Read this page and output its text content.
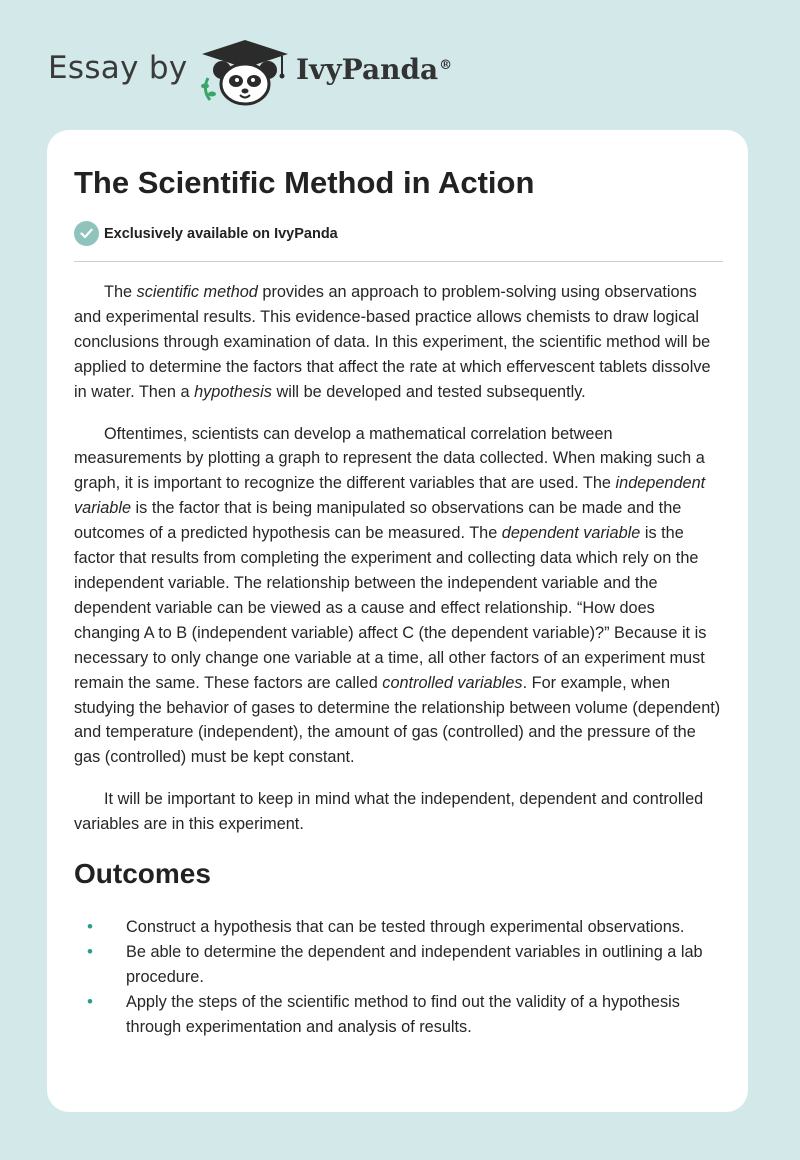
Essay by	IvyPanda®
The Scientific Method in Action
Exclusively available on IvyPanda

The scientific method provides an approach to problem-solving using observations and experimental results. This evidence-based practice allows chemists to draw logical conclusions through examination of data. In this experiment, the scientific method will be applied to determine the factors that affect the rate at which effervescent tablets dissolve in water. Then a hypothesis will be developed and tested subsequently.

Oftentimes, scientists can develop a mathematical correlation between measurements by plotting a graph to represent the data collected. When making such a graph, it is important to recognize the different variables that are used. The independent variable is the factor that is being manipulated so observations can be made and the outcomes of a predicted hypothesis can be measured. The dependent variable is the factor that results from completing the experiment and collecting data which rely on the independent variable. The relationship between the independent variable and the dependent variable can be viewed as a cause and effect relationship. “How does changing A to B (independent variable) affect C (the dependent variable)?” Because it is necessary to only change one variable at a time, all other factors of an experiment must remain the same. These factors are called controlled variables. For example, when studying the behavior of gases to determine the relationship between volume (dependent) and temperature (independent), the amount of gas (controlled) and the pressure of the gas (controlled) must be kept constant.

It will be important to keep in mind what the independent, dependent and controlled variables are in this experiment.

Outcomes
• Construct a hypothesis that can be tested through experimental observations.
• Be able to determine the dependent and independent variables in outlining a lab procedure.
• Apply the steps of the scientific method to find out the validity of a hypothesis through experimentation and analysis of results.
